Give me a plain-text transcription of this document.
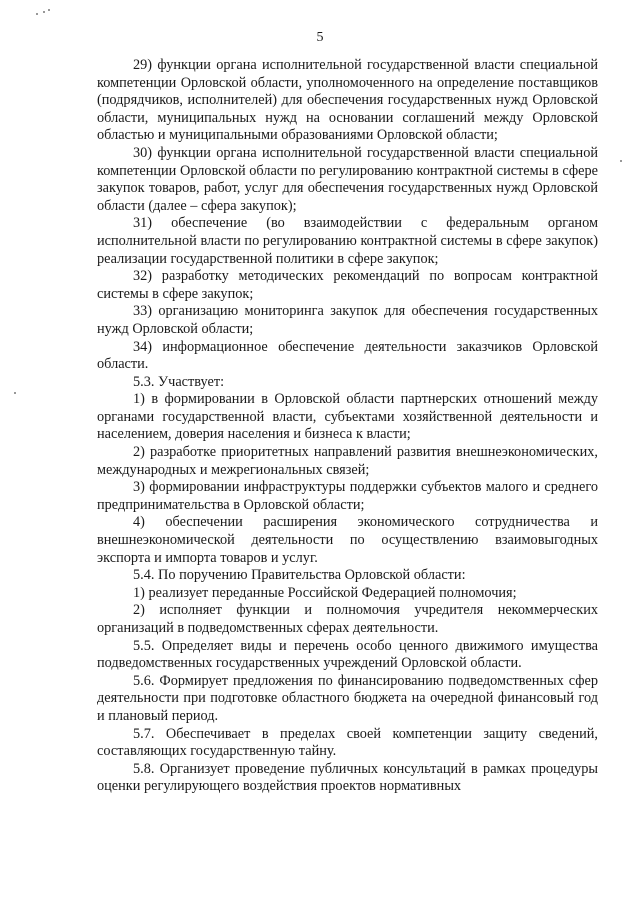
5

29) функции органа исполнительной государственной власти специальной компетенции Орловской области, уполномоченного на определение поставщиков (подрядчиков, исполнителей) для обеспечения государственных нужд Орловской области, муниципальных нужд на основании соглашений между Орловской областью и муниципальными образованиями Орловской области;

30) функции органа исполнительной государственной власти специальной компетенции Орловской области по регулированию контрактной системы в сфере закупок товаров, работ, услуг для обеспечения государственных нужд Орловской области (далее – сфера закупок);

31) обеспечение (во взаимодействии с федеральным органом исполнительной власти по регулированию контрактной системы в сфере закупок) реализации государственной политики в сфере закупок;

32) разработку методических рекомендаций по вопросам контрактной системы в сфере закупок;

33) организацию мониторинга закупок для обеспечения государственных нужд Орловской области;

34) информационное обеспечение деятельности заказчиков Орловской области.

5.3. Участвует:

1) в формировании в Орловской области партнерских отношений между органами государственной власти, субъектами хозяйственной деятельности и населением, доверия населения и бизнеса к власти;

2) разработке приоритетных направлений развития внешнеэкономических, международных и межрегиональных связей;

3) формировании инфраструктуры поддержки субъектов малого и среднего предпринимательства в Орловской области;

4) обеспечении расширения экономического сотрудничества и внешнеэкономической деятельности по осуществлению взаимовыгодных экспорта и импорта товаров и услуг.

5.4. По поручению Правительства Орловской области:

1) реализует переданные Российской Федерацией полномочия;

2) исполняет функции и полномочия учредителя некоммерческих организаций в подведомственных сферах деятельности.

5.5. Определяет виды и перечень особо ценного движимого имущества подведомственных государственных учреждений Орловской области.

5.6. Формирует предложения по финансированию подведомственных сфер деятельности при подготовке областного бюджета на очередной финансовый год и плановый период.

5.7. Обеспечивает в пределах своей компетенции защиту сведений, составляющих государственную тайну.

5.8. Организует проведение публичных консультаций в рамках процедуры оценки регулирующего воздействия проектов нормативных
